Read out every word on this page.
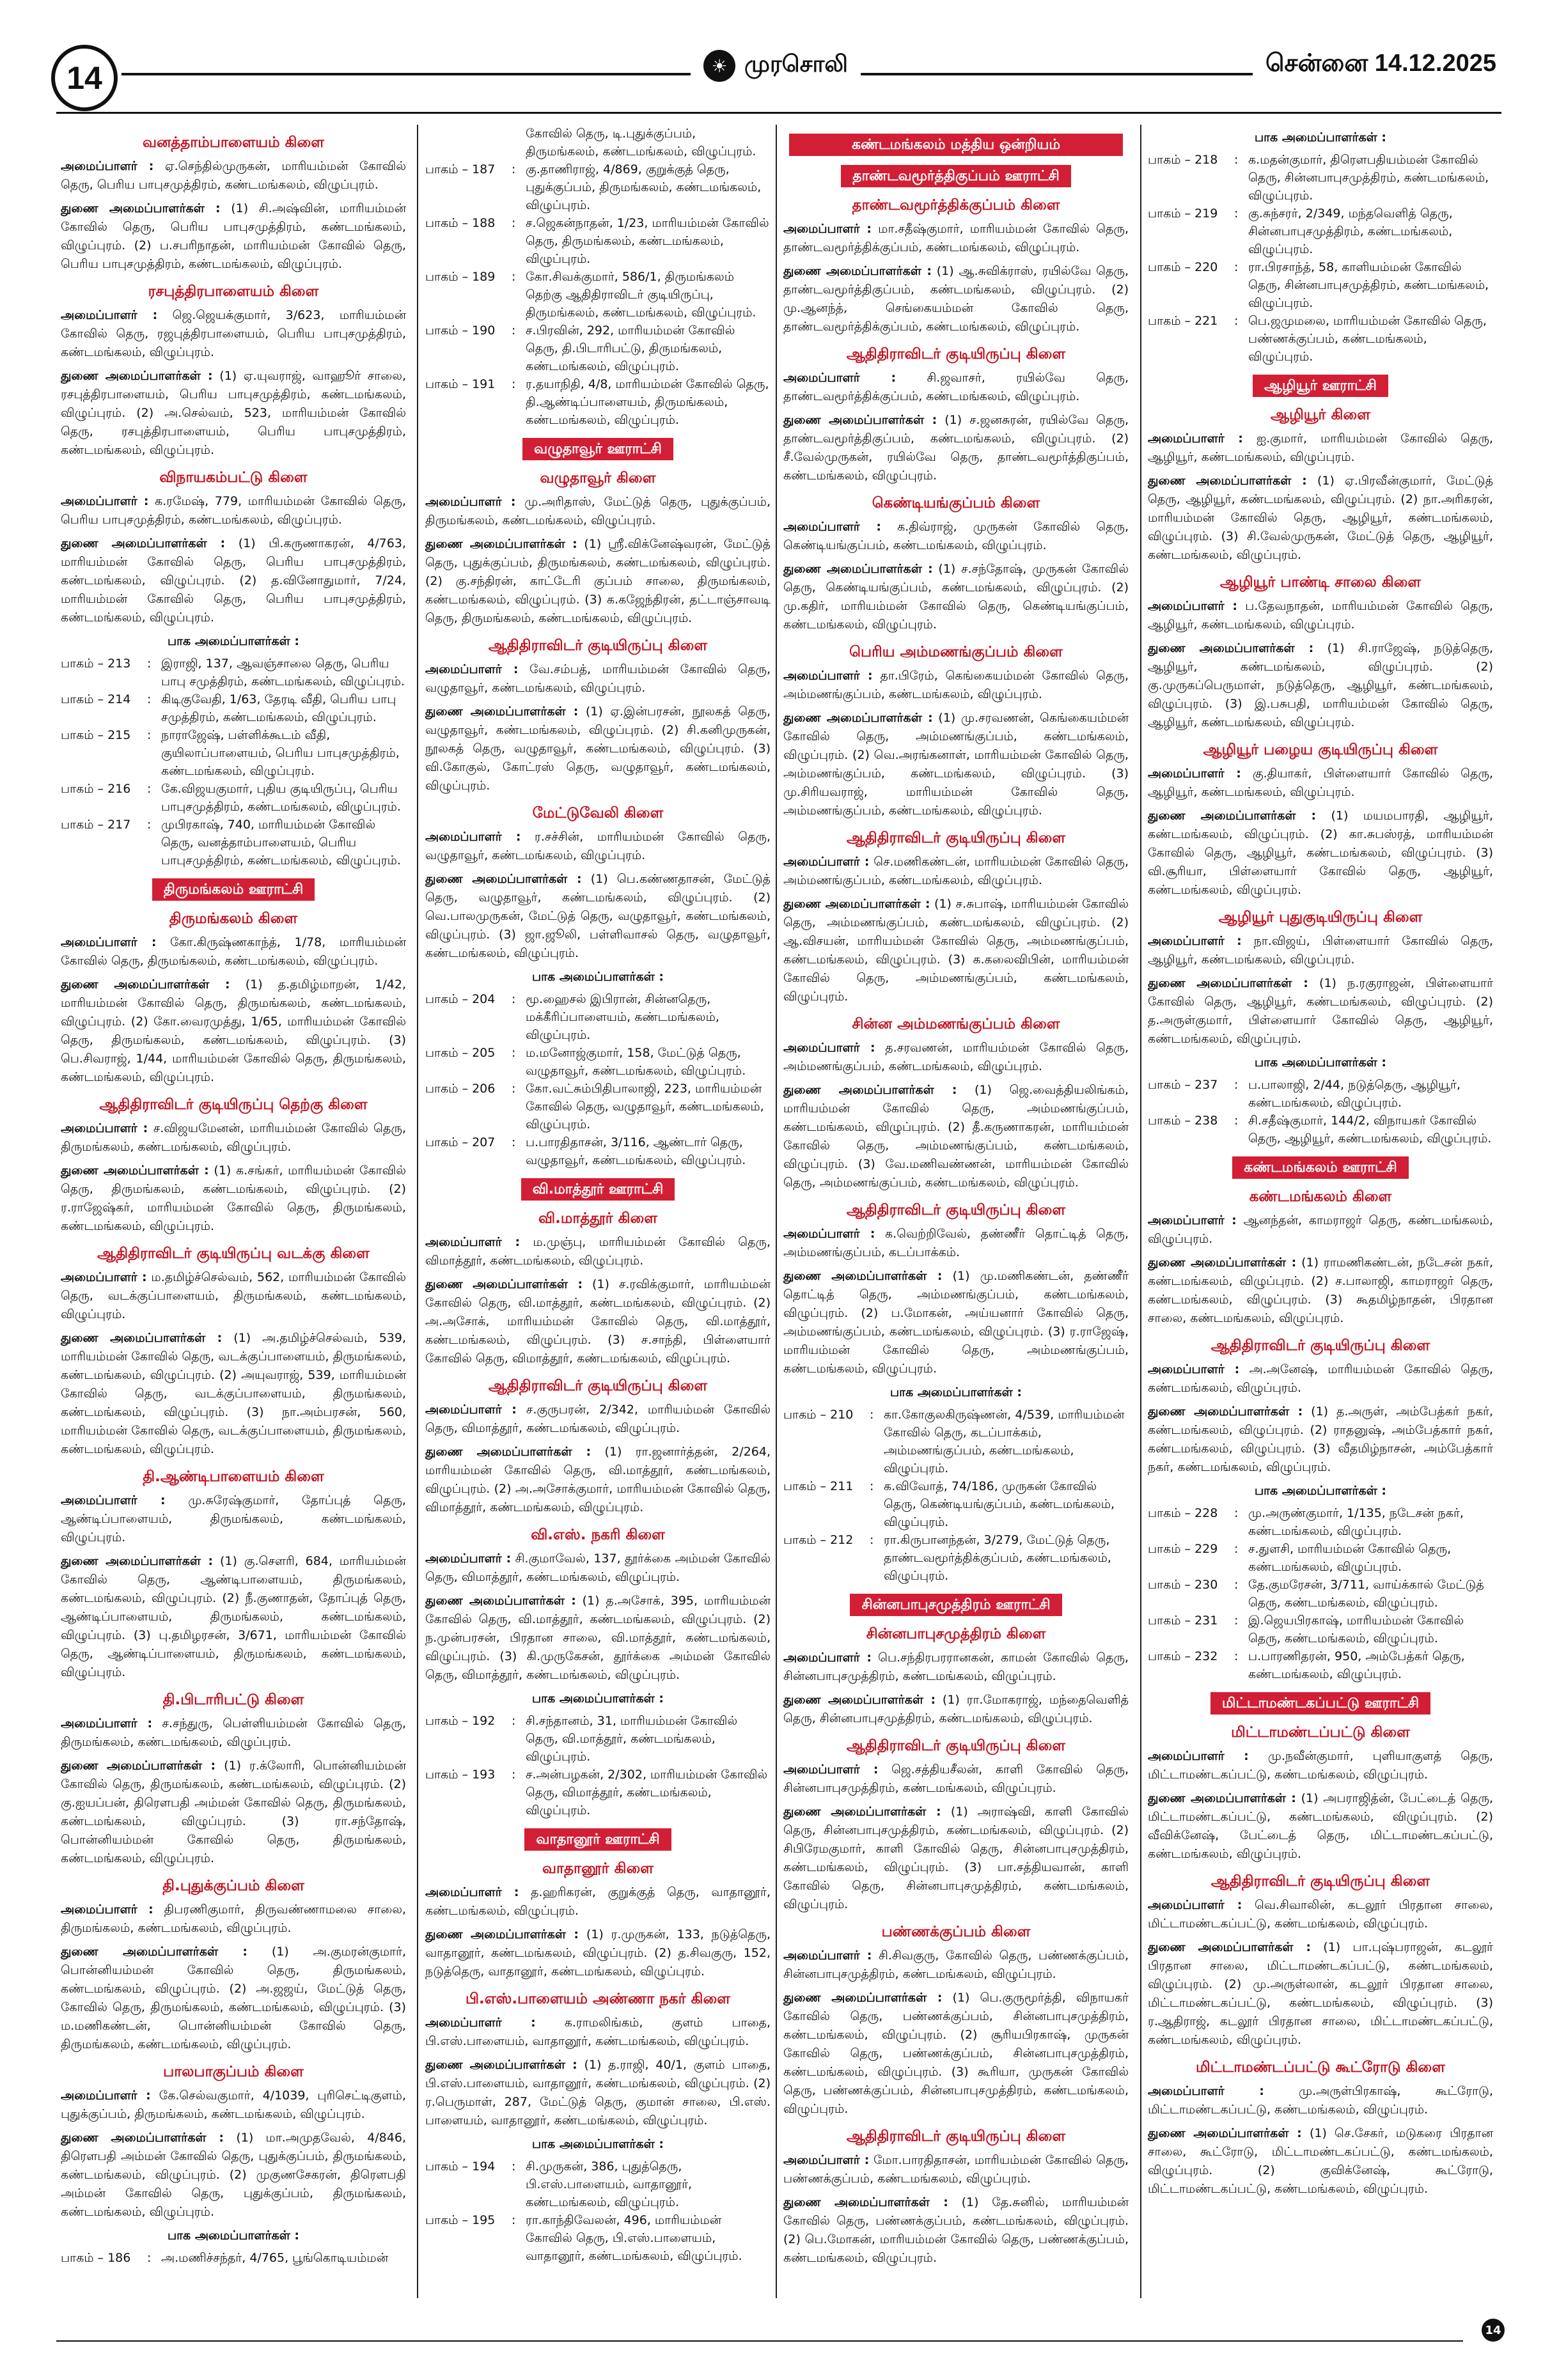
14	☀ முரசொலி	சென்னை 14.12.2025
வனத்தாம்பாளையம் கிளை

அமைப்பாளர் : ஏ.செந்தில்முருகன், மாரியம்மன் கோவில் தெரு, பெரிய பாபுசமுத்திரம், கண்டமங்கலம், விழுப்புரம்.

துணை அமைப்பாளர்கள் : (1) சி.அஷ்வின், மாரியம்மன் கோவில் தெரு, பெரிய பாபுசமுத்திரம், கண்டமங்கலம், விழுப்புரம். (2) ப.சபரிநாதன், மாரியம்மன் கோவில் தெரு, பெரிய பாபுசமுத்திரம், கண்டமங்கலம், விழுப்புரம்.

ரசபுத்திரபாளையம் கிளை

அமைப்பாளர் : ஜெ.ஜெயக்குமார், 3/623, மாரியம்மன் கோவில் தெரு, ரஜபுத்திரபாளையம், பெரிய பாபுசமுத்திரம், கண்டமங்கலம், விழுப்புரம்.

துணை அமைப்பாளர்கள் : (1) ஏ.யுவராஜ், வாஹூர் சாலை, ரசபுத்திரபாளையம், பெரிய பாபுசமுத்திரம், கண்டமங்கலம், விழுப்புரம். (2) அ.செல்வம், 523, மாரியம்மன் கோவில் தெரு, ரசபுத்திரபாளையம், பெரிய பாபுசமுத்திரம், கண்டமங்கலம், விழுப்புரம்.

விநாயகம்பட்டு கிளை

அமைப்பாளர் : க.ரமேஷ், 779, மாரியம்மன் கோவில் தெரு, பெரிய பாபுசமுத்திரம், கண்டமங்கலம், விழுப்புரம்.

துணை அமைப்பாளர்கள் : (1) பி.கருணாகரன், 4/763, மாரியம்மன் கோவில் தெரு, பெரிய பாபுசமுத்திரம், கண்டமங்கலம், விழுப்புரம். (2) த.வினோதுமார், 7/24, மாரியம்மன் கோவில் தெரு, பெரிய பாபுசமுத்திரம், கண்டமங்கலம், விழுப்புரம்.

பாக அமைப்பாளர்கள் :
பாகம் – 213	:	இராஜி, 137, ஆவஞ்சாலை தெரு, பெரிய பாபு சமுத்திரம், கண்டமங்கலம், விழுப்புரம்.
பாகம் – 214	:	கிடிகுவேதி, 1/63, தேரடி வீதி, பெரிய பாபு சமுத்திரம், கண்டமங்கலம், விழுப்புரம்.
பாகம் – 215	:	நாராஜேஷ், பள்ளிக்கூடம் வீதி, குயிலாப்பாளையம், பெரிய பாபுசமுத்திரம், கண்டமங்கலம், விழுப்புரம்.
பாகம் – 216	:	கே.விஜயகுமார், புதிய குடியிருப்பு, பெரிய பாபுசமுத்திரம், கண்டமங்கலம், விழுப்புரம்.
பாகம் – 217	:	முபிரகாஷ், 740, மாரியம்மன் கோவில் தெரு, வனத்தாம்பாளையம், பெரிய பாபுசமுத்திரம், கண்டமங்கலம், விழுப்புரம்.
திருமங்கலம் ஊராட்சி
திருமங்கலம் கிளை

அமைப்பாளர் : கோ.கிருஷ்ணகாந்த், 1/78, மாரியம்மன் கோவில் தெரு, திருமங்கலம், கண்டமங்கலம், விழுப்புரம்.

துணை அமைப்பாளர்கள் : (1) த.தமிழ்மாறன், 1/42, மாரியம்மன் கோவில் தெரு, திருமங்கலம், கண்டமங்கலம், விழுப்புரம். (2) கோ.வைரமுத்து, 1/65, மாரியம்மன் கோவில் தெரு, திருமங்கலம், கண்டமங்கலம், விழுப்புரம். (3) பெ.சிவராஜ், 1/44, மாரியம்மன் கோவில் தெரு, திருமங்கலம், கண்டமங்கலம், விழுப்புரம்.

ஆதிதிராவிடர் குடியிருப்பு தெற்கு கிளை

அமைப்பாளர் : ச.விஜயமேனன், மாரியம்மன் கோவில் தெரு, திருமங்கலம், கண்டமங்கலம், விழுப்புரம்.

துணை அமைப்பாளர்கள் : (1) க.சங்கர், மாரியம்மன் கோவில் தெரு, திருமங்கலம், கண்டமங்கலம், விழுப்புரம். (2) ர.ராஜேஷ்கர், மாரியம்மன் கோவில் தெரு, திருமங்கலம், கண்டமங்கலம், விழுப்புரம்.

ஆதிதிராவிடர் குடியிருப்பு வடக்கு கிளை

அமைப்பாளர் : ம.தமிழ்ச்செல்வம், 562, மாரியம்மன் கோவில் தெரு, வடக்குப்பாளையம், திருமங்கலம், கண்டமங்கலம், விழுப்புரம்.

துணை அமைப்பாளர்கள் : (1) அ.தமிழ்ச்செல்வம், 539, மாரியம்மன் கோவில் தெரு, வடக்குப்பாளையம், திருமங்கலம், கண்டமங்கலம், விழுப்புரம். (2) அயுவராஜ், 539, மாரியம்மன் கோவில் தெரு, வடக்குப்பாளையம், திருமங்கலம், கண்டமங்கலம், விழுப்புரம். (3) நா.அம்பரசன், 560, மாரியம்மன் கோவில் தெரு, வடக்குப்பாளையம், திருமங்கலம், கண்டமங்கலம், விழுப்புரம்.

தி.ஆண்டிபாளையம் கிளை

அமைப்பாளர் : மு.சுரேஷ்குமார், தோப்புத் தெரு, ஆண்டிப்பாளையம், திருமங்கலம், கண்டமங்கலம், விழுப்புரம்.

துணை அமைப்பாளர்கள் : (1) கு.செளரி, 684, மாரியம்மன் கோவில் தெரு, ஆண்டிபாளையம், திருமங்கலம், கண்டமங்கலம், விழுப்புரம். (2) நீ.குணாதன், தோப்புத் தெரு, ஆண்டிப்பாளையம், திருமங்கலம், கண்டமங்கலம், விழுப்புரம். (3) பு.தமிழரசன், 3/671, மாரியம்மன் கோவில் தெரு, ஆண்டிப்பாளையம், திருமங்கலம், கண்டமங்கலம், விழுப்புரம்.

தி.பிடாரிபட்டு கிளை

அமைப்பாளர் : ச.சந்துரு, பெள்ளியம்மன் கோவில் தெரு, திருமங்கலம், கண்டமங்கலம், விழுப்புரம்.

துணை அமைப்பாளர்கள் : (1) ர.க்லோரி, பொன்னியம்மன் கோவில் தெரு, திருமங்கலம், கண்டமங்கலம், விழுப்புரம். (2) கு.ஐயப்பன், திரௌபதி அம்மன் கோவில் தெரு, திருமங்கலம், கண்டமங்கலம், விழுப்புரம். (3) ரா.சந்தோஷ், பொன்னியம்மன் கோவில் தெரு, திருமங்கலம், கண்டமங்கலம், விழுப்புரம்.

தி.புதுக்குப்பம் கிளை

அமைப்பாளர் : திபரணிகுமார், திருவண்ணாமலை சாலை, திருமங்கலம், கண்டமங்கலம், விழுப்புரம்.

துணை அமைப்பாளர்கள் : (1) அ.குமரன்குமார், பொன்னியம்மன் கோவில் தெரு, திருமங்கலம், கண்டமங்கலம், விழுப்புரம். (2) அ.ஜஜய், மேட்டுத் தெரு, கோவில் தெரு, திருமங்கலம், கண்டமங்கலம், விழுப்புரம். (3) ம.மணிகண்டன், பொன்னியம்மன் கோவில் தெரு, திருமங்கலம், கண்டமங்கலம், விழுப்புரம்.

பாலபாகுப்பம் கிளை

அமைப்பாளர் : கே.செல்வகுமார், 4/1039, புரிசெட்டிகுளம், புதுக்குப்பம், திருமங்கலம், கண்டமங்கலம், விழுப்புரம்.

துணை அமைப்பாளர்கள் : (1) மா.அமுதவேல், 4/846, திரௌபதி அம்மன் கோவில் தெரு, புதுக்குப்பம், திருமங்கலம், கண்டமங்கலம், விழுப்புரம். (2) முகுணசேகரன், திரௌபதி அம்மன் கோவில் தெரு, புதுக்குப்பம், திருமங்கலம், கண்டமங்கலம், விழுப்புரம்.

பாக அமைப்பாளர்கள் :
பாகம் – 186	:	அ.மணிச்சந்தர், 4/765, பூங்கொடியம்மன்
		கோவில் தெரு, டி.புதுக்குப்பம், திருமங்கலம், கண்டமங்கலம், விழுப்புரம்.
பாகம் – 187	:	கு.தாணிராஜ், 4/869, குறுக்குத் தெரு, புதுக்குப்பம், திருமங்கலம், கண்டமங்கலம், விழுப்புரம்.
பாகம் – 188	:	ச.ஜெகன்நாதன், 1/23, மாரியம்மன் கோவில் தெரு, திருமங்கலம், கண்டமங்கலம், விழுப்புரம்.
பாகம் – 189	:	கோ.சிவக்குமார், 586/1, திருமங்கலம் தெற்கு ஆதிதிராவிடர் குடியிருப்பு, திருமங்கலம், கண்டமங்கலம், விழுப்புரம்.
பாகம் – 190	:	ச.பிரவின், 292, மாரியம்மன் கோவில் தெரு, தி.பிடாரிபட்டு, திருமங்கலம், கண்டமங்கலம், விழுப்புரம்.
பாகம் – 191	:	ர.தயாநிதி, 4/8, மாரியம்மன் கோவில் தெரு, தி.ஆண்டிப்பாளையம், திருமங்கலம், கண்டமங்கலம், விழுப்புரம்.
வழுதாவூர் ஊராட்சி
வழுதாவூர் கிளை

அமைப்பாளர் : மு.அரிதாஸ், மேட்டுத் தெரு, புதுக்குப்பம், திருமங்கலம், கண்டமங்கலம், விழுப்புரம்.

துணை அமைப்பாளர்கள் : (1) ஸ்ரீ.விக்னேஷ்வரன், மேட்டுத் தெரு, புதுக்குப்பம், திருமங்கலம், கண்டமங்கலம், விழுப்புரம். (2) கு.சந்திரன், காட்டேரி குப்பம் சாலை, திருமங்கலம், கண்டமங்கலம், விழுப்புரம். (3) க.கஜேந்திரன், தட்டாஞ்சாவடி தெரு, திருமங்கலம், கண்டமங்கலம், விழுப்புரம்.

ஆதிதிராவிடர் குடியிருப்பு கிளை

அமைப்பாளர் : வே.சம்பத், மாரியம்மன் கோவில் தெரு, வழுதாவூர், கண்டமங்கலம், விழுப்புரம்.

துணை அமைப்பாளர்கள் : (1) ஏ.இன்பரசன், நூலகத் தெரு, வழுதாவூர், கண்டமங்கலம், விழுப்புரம். (2) சி.கனிமுருகன், நூலகத் தெரு, வழுதாவூர், கண்டமங்கலம், விழுப்புரம். (3) வி.கோகுல், கோட்ரஸ் தெரு, வழுதாவூர், கண்டமங்கலம், விழுப்புரம்.

மேட்டுவேலி கிளை

அமைப்பாளர் : ர.சச்சின், மாரியம்மன் கோவில் தெரு, வழுதாவூர், கண்டமங்கலம், விழுப்புரம்.

துணை அமைப்பாளர்கள் : (1) பெ.கண்ணதாசன், மேட்டுத் தெரு, வழுதாவூர், கண்டமங்கலம், விழுப்புரம். (2) வெ.பாலமுருகன், மேட்டுத் தெரு, வழுதாவூர், கண்டமங்கலம், விழுப்புரம். (3) ஜா.ஜூலி, பள்ளிவாசல் தெரு, வழுதாவூர், கண்டமங்கலம், விழுப்புரம்.

பாக அமைப்பாளர்கள் :
பாகம் – 204	:	மூ.ஹைசல் இபிரான், சின்னதெரு, மக்கீரிப்பாளையம், கண்டமங்கலம், விழுப்புரம்.
பாகம் – 205	:	ம.மனோஜ்குமார், 158, மேட்டுத் தெரு, வழுதாவூர், கண்டமங்கலம், விழுப்புரம்.
பாகம் – 206	:	கோ.வட்சும்பிதிபாலாஜி, 223, மாரியம்மன் கோவில் தெரு, வழுதாவூர், கண்டமங்கலம், விழுப்புரம்.
பாகம் – 207	:	ப.பாரதிதாசன், 3/116, ஆண்டார் தெரு, வழுதாவூர், கண்டமங்கலம், விழுப்புரம்.
வி.மாத்தூர் ஊராட்சி
வி.மாத்தூர் கிளை

அமைப்பாளர் : ம.முஞ்பு, மாரியம்மன் கோவில் தெரு, விமாத்தூர், கண்டமங்கலம், விழுப்புரம்.

துணை அமைப்பாளர்கள் : (1) ச.ரவிக்குமார், மாரியம்மன் கோவில் தெரு, வி.மாத்தூர், கண்டமங்கலம், விழுப்புரம். (2) அ.அசோக், மாரியம்மன் கோவில் தெரு, வி.மாத்தூர், கண்டமங்கலம், விழுப்புரம். (3) ச.சாந்தி, பிள்ளையார் கோவில் தெரு, விமாத்தூர், கண்டமங்கலம், விழுப்புரம்.

ஆதிதிராவிடர் குடியிருப்பு கிளை

அமைப்பாளர் : ச.குருபரன், 2/342, மாரியம்மன் கோவில் தெரு, விமாத்தூர், கண்டமங்கலம், விழுப்புரம்.

துணை அமைப்பாளர்கள் : (1) ரா.ஜனார்த்தன், 2/264, மாரியம்மன் கோவில் தெரு, வி.மாத்தூர், கண்டமங்கலம், விழுப்புரம். (2) அ.அசோக்குமார், மாரியம்மன் கோவில் தெரு, விமாத்தூர், கண்டமங்கலம், விழுப்புரம்.

வி.எஸ். நகரி கிளை

அமைப்பாளர் : சி.குமாவேல், 137, தூர்க்கை அம்மன் கோவில் தெரு, விமாத்தூர், கண்டமங்கலம், விழுப்புரம்.

துணை அமைப்பாளர்கள் : (1) த.அசோக், 395, மாரியம்மன் கோவில் தெரு, வி.மாத்தூர், கண்டமங்கலம், விழுப்புரம். (2) ந.முன்பரசன், பிரதான சாலை, வி.மாத்தூர், கண்டமங்கலம், விழுப்புரம். (3) கி.முருகேசன், தூர்க்கை அம்மன் கோவில் தெரு, விமாத்தூர், கண்டமங்கலம், விழுப்புரம்.

பாக அமைப்பாளர்கள் :
பாகம் – 192	:	சி.சந்தானம், 31, மாரியம்மன் கோவில் தெரு, வி.மாத்தூர், கண்டமங்கலம், விழுப்புரம்.
பாகம் – 193	:	ச.அன்பழகன், 2/302, மாரியம்மன் கோவில் தெரு, விமாத்தூர், கண்டமங்கலம், விழுப்புரம்.
வாதானூர் ஊராட்சி
வாதானூர் கிளை

அமைப்பாளர் : த.ஹரிகரன், குறுக்குத் தெரு, வாதானூர், கண்டமங்கலம், விழுப்புரம்.

துணை அமைப்பாளர்கள் : (1) ர.முருகன், 133, நடுத்தெரு, வாதானூர், கண்டமங்கலம், விழுப்புரம். (2) த.சிவகுரு, 152, நடுத்தெரு, வாதானூர், கண்டமங்கலம், விழுப்புரம்.

பி.எஸ்.பாளையம் அண்ணா நகர் கிளை

அமைப்பாளர் : க.ராமலிங்கம், குளம் பாதை, பி.எஸ்.பாளையம், வாதானூர், கண்டமங்கலம், விழுப்புரம்.

துணை அமைப்பாளர்கள் : (1) த.ராஜி, 40/1, குளம் பாதை, பி.எஸ்.பாளையம், வாதானூர், கண்டமங்கலம், விழுப்புரம். (2) ர.பெருமாள், 287, மேட்டுத் தெரு, குமான் சாலை, பி.எஸ். பாளையம், வாதானூர், கண்டமங்கலம், விழுப்புரம்.

பாக அமைப்பாளர்கள் :
பாகம் – 194	:	சி.முருகன், 386, புதுத்தெரு, பி.எஸ்.பாளையம், வாதானூர், கண்டமங்கலம், விழுப்புரம்.
பாகம் – 195	:	ரா.காந்திவேலன், 496, மாரியம்மன் கோவில் தெரு, பி.எஸ்.பாளையம், வாதானூர், கண்டமங்கலம், விழுப்புரம்.
கண்டமங்கலம் மத்திய ஒன்றியம்
தாண்டவமூர்த்திகுப்பம் ஊராட்சி
தாண்டவமூர்த்திக்குப்பம் கிளை

அமைப்பாளர் : மா.சதீஷ்குமார், மாரியம்மன் கோவில் தெரு, தாண்டவமூர்த்திக்குப்பம், கண்டமங்கலம், விழுப்புரம்.

துணை அமைப்பாளர்கள் : (1) ஆ.சுவிக்ராஸ், ரயில்வே தெரு, தாண்டவமூர்த்திகுப்பம், கண்டமங்கலம், விழுப்புரம். (2) மு.ஆனந்த், செங்கையம்மன் கோவில் தெரு, தாண்டவமூர்த்திக்குப்பம், கண்டமங்கலம், விழுப்புரம்.

ஆதிதிராவிடர் குடியிருப்பு கிளை

அமைப்பாளர் :	சி.ஜவாசர், ரயில்வே தெரு, தாண்டவமூர்த்திக்குப்பம், கண்டமங்கலம், விழுப்புரம்.

துணை அமைப்பாளர்கள் : (1) ச.ஜனசுரன், ரயில்வே தெரு, தாண்டவமூர்த்திகுப்பம், கண்டமங்கலம், விழுப்புரம். (2) சீ.வேல்முருகன், ரயில்வே தெரு, தாண்டவமூர்த்திகுப்பம், கண்டமங்கலம், விழுப்புரம்.

கெண்டியங்குப்பம் கிளை

அமைப்பாளர் : க.திவ்ராஜ், முருகன் கோவில் தெரு, கெண்டியங்குப்பம், கண்டமங்கலம், விழுப்புரம்.

துணை அமைப்பாளர்கள் : (1) ச.சந்தோஷ், முருகன் கோவில் தெரு, கெண்டியங்குப்பம், கண்டமங்கலம், விழுப்புரம். (2) மு.கதிர், மாரியம்மன் கோவில் தெரு, கெண்டியங்குப்பம், கண்டமங்கலம், விழுப்புரம்.

பெரிய அம்மணங்குப்பம் கிளை

அமைப்பாளர் : தா.பிரேம், கெங்கையம்மன் கோவில் தெரு, அம்மணங்குப்பம், கண்டமங்கலம், விழுப்புரம்.

துணை அமைப்பாளர்கள் : (1) மு.சரவணன், கெங்கையம்மன் கோவில் தெரு, அம்மணங்குப்பம், கண்டமங்கலம், விழுப்புரம். (2) வெ.அரங்கனாள், மாரியம்மன் கோவில் தெரு, அம்மணங்குப்பம், கண்டமங்கலம், விழுப்புரம். (3) மு.சிரியவராஜ், மாரியம்மன் கோவில் தெரு, அம்மணங்குப்பம், கண்டமங்கலம், விழுப்புரம்.

ஆதிதிராவிடர் குடியிருப்பு கிளை

அமைப்பாளர் : செ.மணிகண்டன், மாரியம்மன் கோவில் தெரு, அம்மணங்குப்பம், கண்டமங்கலம், விழுப்புரம்.

துணை அமைப்பாளர்கள் : (1) ச.சுபாஷ், மாரியம்மன் கோவில் தெரு, அம்மணங்குப்பம், கண்டமங்கலம், விழுப்புரம். (2) ஆ.விசயன், மாரியம்மன் கோவில் தெரு, அம்மணங்குப்பம், கண்டமங்கலம், விழுப்புரம். (3) க.கலைவிபின், மாரியம்மன் கோவில் தெரு, அம்மணங்குப்பம், கண்டமங்கலம், விழுப்புரம்.

சின்ன அம்மணங்குப்பம் கிளை

அமைப்பாளர் : த.சரவணன், மாரியம்மன் கோவில் தெரு, அம்மணங்குப்பம், கண்டமங்கலம், விழுப்புரம்.

துணை அமைப்பாளர்கள் : (1) ஜெ.வைத்தியலிங்கம், மாரியம்மன் கோவில் தெரு, அம்மணங்குப்பம், கண்டமங்கலம், விழுப்புரம். (2) தீ.கருணாகரன், மாரியம்மன் கோவில் தெரு, அம்மணங்குப்பம், கண்டமங்கலம், விழுப்புரம். (3) வே.மணிவண்ணன், மாரியம்மன் கோவில் தெரு, அம்மணங்குப்பம், கண்டமங்கலம், விழுப்புரம்.

ஆதிதிராவிடர் குடியிருப்பு கிளை

அமைப்பாளர் : க.வெற்றிவேல், தண்ணீர் தொட்டித் தெரு, அம்மணங்குப்பம், கடப்பாக்கம்.

துணை அமைப்பாளர்கள் : (1) மு.மணிகண்டன், தண்ணீர் தொட்டித் தெரு, அம்மணங்குப்பம், கண்டமங்கலம், விழுப்புரம். (2) ப.மோகன், அய்யனார் கோவில் தெரு, அம்மணங்குப்பம், கண்டமங்கலம், விழுப்புரம். (3) ர.ராஜேஷ், மாரியம்மன் கோவில் தெரு, அம்மணங்குப்பம், கண்டமங்கலம், விழுப்புரம்.

பாக அமைப்பாளர்கள் :
பாகம் – 210	:	கா.கோகுலகிருஷ்ணன், 4/539, மாரியம்மன் கோவில் தெரு, கடப்பாக்கம், அம்மணங்குப்பம், கண்டமங்கலம், விழுப்புரம்.
பாகம் – 211	:	க.விவோத், 74/186, முருகன் கோவில் தெரு, கெண்டியங்குப்பம், கண்டமங்கலம், விழுப்புரம்.
பாகம் – 212	:	ரா.கிருபானந்தன், 3/279, மேட்டுத் தெரு, தாண்டவமூர்த்திக்குப்பம், கண்டமங்கலம், விழுப்புரம்.
சின்னபாபுசமுத்திரம் ஊராட்சி
சின்னபாபுசமுத்திரம் கிளை

அமைப்பாளர் : பெ.சந்திரபரரானகன், காமன் கோவில் தெரு, சின்னபாபுசமுத்திரம், கண்டமங்கலம், விழுப்புரம்.

துணை அமைப்பாளர்கள் : (1) ரா.மோகராஜ், மந்தைவெளித் தெரு, சின்னபாபுசமுத்திரம், கண்டமங்கலம், விழுப்புரம்.

ஆதிதிராவிடர் குடியிருப்பு கிளை

அமைப்பாளர் : ஜெ.சத்தியசீலன், காளி கோவில் தெரு, சின்னபாபுசமுத்திரம், கண்டமங்கலம், விழுப்புரம்.

துணை அமைப்பாளர்கள் : (1) அராஷ்வி, காளி கோவில் தெரு, சின்னபாபுசமுத்திரம், கண்டமங்கலம், விழுப்புரம். (2) சிபிரேமகுமார், காளி கோவில் தெரு, சின்னபாபுசமுத்திரம், கண்டமங்கலம், விழுப்புரம். (3) பா.சத்தியவான், காளி கோவில் தெரு, சின்னபாபுசமுத்திரம், கண்டமங்கலம், விழுப்புரம்.

பண்ணக்குப்பம் கிளை

அமைப்பாளர் : சி.சிவகுரு, கோவில் தெரு, பண்ணக்குப்பம், சின்னபாபுசமுத்திரம், கண்டமங்கலம், விழுப்புரம்.

துணை அமைப்பாளர்கள் : (1) பெ.குருமூர்த்தி, விநாயகர் கோவில் தெரு, பண்ணக்குப்பம், சின்னபாபுசமுத்திரம், கண்டமங்கலம், விழுப்புரம். (2) சூரியபிரகாஷ், முருகன் கோவில் தெரு, பண்ணக்குப்பம், சின்னபாபுசமுத்திரம், கண்டமங்கலம், விழுப்புரம். (3) கூரியா, முருகன் கோவில் தெரு, பண்ணக்குப்பம், சின்னபாபுசமுத்திரம், கண்டமங்கலம், விழுப்புரம்.

ஆதிதிராவிடர் குடியிருப்பு கிளை

அமைப்பாளர் : மோ.பாரதிதாசன், மாரியம்மன் கோவில் தெரு, பண்ணக்குப்பம், கண்டமங்கலம், விழுப்புரம்.

துணை அமைப்பாளர்கள் : (1) தே.சுனில், மாரியம்மன் கோவில் தெரு, பண்ணக்குப்பம், கண்டமங்கலம், விழுப்புரம். (2) பெ.மோகன், மாரியம்மன் கோவில் தெரு, பண்ணக்குப்பம், கண்டமங்கலம், விழுப்புரம்.

பாக அமைப்பாளர்கள் :
பாகம் – 218	:	க.மதன்குமார், திரௌபதியம்மன் கோவில் தெரு, சின்னபாபுசமுத்திரம், கண்டமங்கலம், விழுப்புரம்.
பாகம் – 219	:	கு.சுந்சரர், 2/349, மந்தவெளித் தெரு, சின்னபாபுசமுத்திரம், கண்டமங்கலம், விழுப்புரம்.
பாகம் – 220	:	ரா.பிரசாந்த், 58, காளியம்மன் கோவில் தெரு, சின்னபாபுசமுத்திரம், கண்டமங்கலம், விழுப்புரம்.
பாகம் – 221	:	பெ.ஜமுமலை, மாரியம்மன் கோவில் தெரு, பண்ணக்குப்பம், கண்டமங்கலம், விழுப்புரம்.
ஆழியூர் ஊராட்சி
ஆழியூர் கிளை

அமைப்பாளர் : ஐ.குமார், மாரியம்மன் கோவில் தெரு, ஆழியூர், கண்டமங்கலம், விழுப்புரம்.

துணை அமைப்பாளர்கள் : (1) ஏ.பிரவீன்குமார், மேட்டுத் தெரு, ஆழியூர், கண்டமங்கலம், விழுப்புரம். (2) நா.அரிகரன், மாரியம்மன் கோவில் தெரு, ஆழியூர், கண்டமங்கலம், விழுப்புரம். (3) சி.வேல்முருகன், மேட்டுத் தெரு, ஆழியூர், கண்டமங்கலம், விழுப்புரம்.

ஆழியூர் பாண்டி சாலை கிளை

அமைப்பாளர் : ப.தேவநாதன், மாரியம்மன் கோவில் தெரு, ஆழியூர், கண்டமங்கலம், விழுப்புரம்.

துணை அமைப்பாளர்கள் : (1) சி.ராஜேஷ், நடுத்தெரு, ஆழியூர், கண்டமங்கலம், விழுப்புரம். (2) கு.முருகப்பெருமாள், நடுத்தெரு, ஆழியூர், கண்டமங்கலம், விழுப்புரம். (3) இ.பசுபதி, மாரியம்மன் கோவில் தெரு, ஆழியூர், கண்டமங்கலம், விழுப்புரம்.

ஆழியூர் பழைய குடியிருப்பு கிளை

அமைப்பாளர் : கு.தியாகர், பிள்ளையார் கோவில் தெரு, ஆழியூர், கண்டமங்கலம், விழுப்புரம்.

துணை அமைப்பாளர்கள் : (1) மயமபாரதி, ஆழியூர், கண்டமங்கலம், விழுப்புரம். (2) கா.சுபஸ்ரத், மாரியம்மன் கோவில் தெரு, ஆழியூர், கண்டமங்கலம், விழுப்புரம். (3) வி.சூரியா, பிள்ளையார் கோவில் தெரு, ஆழியூர், கண்டமங்கலம், விழுப்புரம்.

ஆழியூர் புதுகுடியிருப்பு கிளை

அமைப்பாளர் : நா.விஜய், பிள்ளையார் கோவில் தெரு, ஆழியூர், கண்டமங்கலம், விழுப்புரம்.

துணை அமைப்பாளர்கள் : (1) ந.ரகுராஜன், பிள்ளையார் கோவில் தெரு, ஆழியூர், கண்டமங்கலம், விழுப்புரம். (2) த.அருள்குமார், பிள்ளையார் கோவில் தெரு, ஆழியூர், கண்டமங்கலம், விழுப்புரம்.

பாக அமைப்பாளர்கள் :
பாகம் – 237	:	ப.பாலாஜி, 2/44, நடுத்தெரு, ஆழியூர், கண்டமங்கலம், விழுப்புரம்.
பாகம் – 238	:	சி.சதீஷ்குமார், 144/2, விநாயகர் கோவில் தெரு, ஆழியூர், கண்டமங்கலம், விழுப்புரம்.
கண்டமங்கலம் ஊராட்சி
கண்டமங்கலம் கிளை

அமைப்பாளர் : ஆனந்தன், காமராஜர் தெரு, கண்டமங்கலம், விழுப்புரம்.

துணை அமைப்பாளர்கள் : (1) ராமணிகண்டன், நடேசன் நகர், கண்டமங்கலம், விழுப்புரம். (2) ச.பாலாஜி, காமராஜர் தெரு, கண்டமங்கலம், விழுப்புரம். (3) கூதமிழ்நாதன், பிரதான சாலை, கண்டமங்கலம், விழுப்புரம்.

ஆதிதிராவிடர் குடியிருப்பு கிளை

அமைப்பாளர் : அ.அனேஷ், மாரியம்மன் கோவில் தெரு, கண்டமங்கலம், விழுப்புரம்.

துணை அமைப்பாளர்கள் : (1) த.அருள், அம்பேத்கர் நகர், கண்டமங்கலம், விழுப்புரம். (2) ராதனுஷ், அம்பேத்கார் நகர், கண்டமங்கலம், விழுப்புரம். (3) வீதமிழ்நாசன், அம்பேத்கார் நகர், கண்டமங்கலம், விழுப்புரம்.

பாக அமைப்பாளர்கள் :
பாகம் – 228	:	மு.அருண்குமார், 1/135, நடேசன் நகர், கண்டமங்கலம், விழுப்புரம்.
பாகம் – 229	:	ச.துளசி, மாரியம்மன் கோவில் தெரு, கண்டமங்கலம், விழுப்புரம்.
பாகம் – 230	:	தே.குமரேசன், 3/711, வாய்க்கால் மேட்டுத் தெரு, கண்டமங்கலம், விழுப்புரம்.
பாகம் – 231	:	இ.ஜெயபிரகாஷ், மாரியம்மன் கோவில் தெரு, கண்டமங்கலம், விழுப்புரம்.
பாகம் – 232	:	ப.பாரணிதரன், 950, அம்பேத்கர் தெரு, கண்டமங்கலம், விழுப்புரம்.
மிட்டாமண்டகப்பட்டு ஊராட்சி
மிட்டாமண்டப்பட்டு கிளை

அமைப்பாளர் : மு.நவீன்குமார், புளியாகுளத் தெரு, மிட்டாமண்டகப்பட்டு, கண்டமங்கலம், விழுப்புரம்.

துணை அமைப்பாளர்கள் : (1) அபராஜித்ன், பேட்டைத் தெரு, மிட்டாமண்டகப்பட்டு, கண்டமங்கலம், விழுப்புரம். (2) வீவிக்னேஷ், பேட்டைத் தெரு, மிட்டாமண்டகப்பட்டு, கண்டமங்கலம், விழுப்புரம்.

ஆதிதிராவிடர் குடியிருப்பு கிளை

அமைப்பாளர் : வெ.சிவாலின், கடலூர் பிரதான சாலை, மிட்டாமண்டகப்பட்டு, கண்டமங்கலம், விழுப்புரம்.

துணை அமைப்பாளர்கள் : (1) பா.புஷ்பராஜன், கடலூர் பிரதான சாலை, மிட்டாமண்டகப்பட்டு, கண்டமங்கலம், விழுப்புரம். (2) மு.அருள்லான், கடலூர் பிரதான சாலை, மிட்டாமண்டகப்பட்டு, கண்டமங்கலம், விழுப்புரம். (3) ர.ஆதிராஜ், கடலூர் பிரதான சாலை, மிட்டாமண்டகப்பட்டு, கண்டமங்கலம், விழுப்புரம்.

மிட்டாமண்டப்பட்டு கூட்ரோடு கிளை

அமைப்பாளர் :	மு.அருள்பிரகாஷ், கூட்ரோடு, மிட்டாமண்டகப்பட்டு, கண்டமங்கலம், விழுப்புரம்.

துணை அமைப்பாளர்கள் : (1) செ.சேகர், மடுகரை பிரதான சாலை, கூட்ரோடு, மிட்டாமண்டகப்பட்டு, கண்டமங்கலம், விழுப்புரம். (2) குவிக்னேஷ், கூட்ரோடு, மிட்டாமண்டகப்பட்டு, கண்டமங்கலம், விழுப்புரம்.

14
